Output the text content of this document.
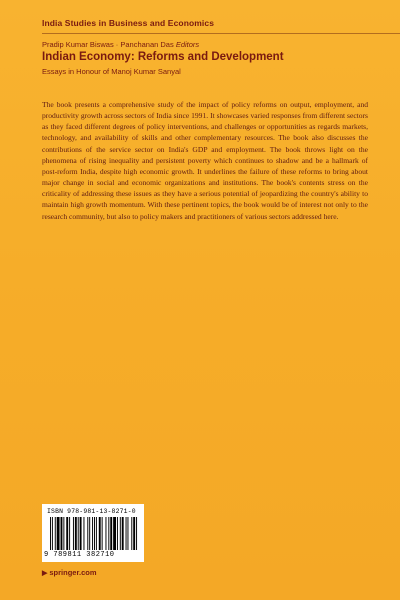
India Studies in Business and Economics
Pradip Kumar Biswas · Panchanan Das Editors
Indian Economy: Reforms and Development
Essays in Honour of Manoj Kumar Sanyal

The book presents a comprehensive study of the impact of policy reforms on output, employment, and productivity growth across sectors of India since 1991. It showcases varied responses from different sectors as they faced different degrees of policy interventions, and challenges or opportunities as regards markets, technology, and availability of skills and other complementary resources. The book also discusses the contributions of the service sector on India's GDP and employment. The book throws light on the phenomena of rising inequality and persistent poverty which continues to shadow and be a hallmark of post-reform India, despite high economic growth. It underlines the failure of these reforms to bring about major change in social and economic organizations and institutions. The book's contents stress on the criticality of addressing these issues as they have a serious potential of jeopardizing the country's ability to maintain high growth momentum. With these pertinent topics, the book would be of interest not only to the research community, but also to policy makers and practitioners of various sectors addressed here.

ISBN 978-981-13-8271-0
9 789811 382710
▶ springer.com
